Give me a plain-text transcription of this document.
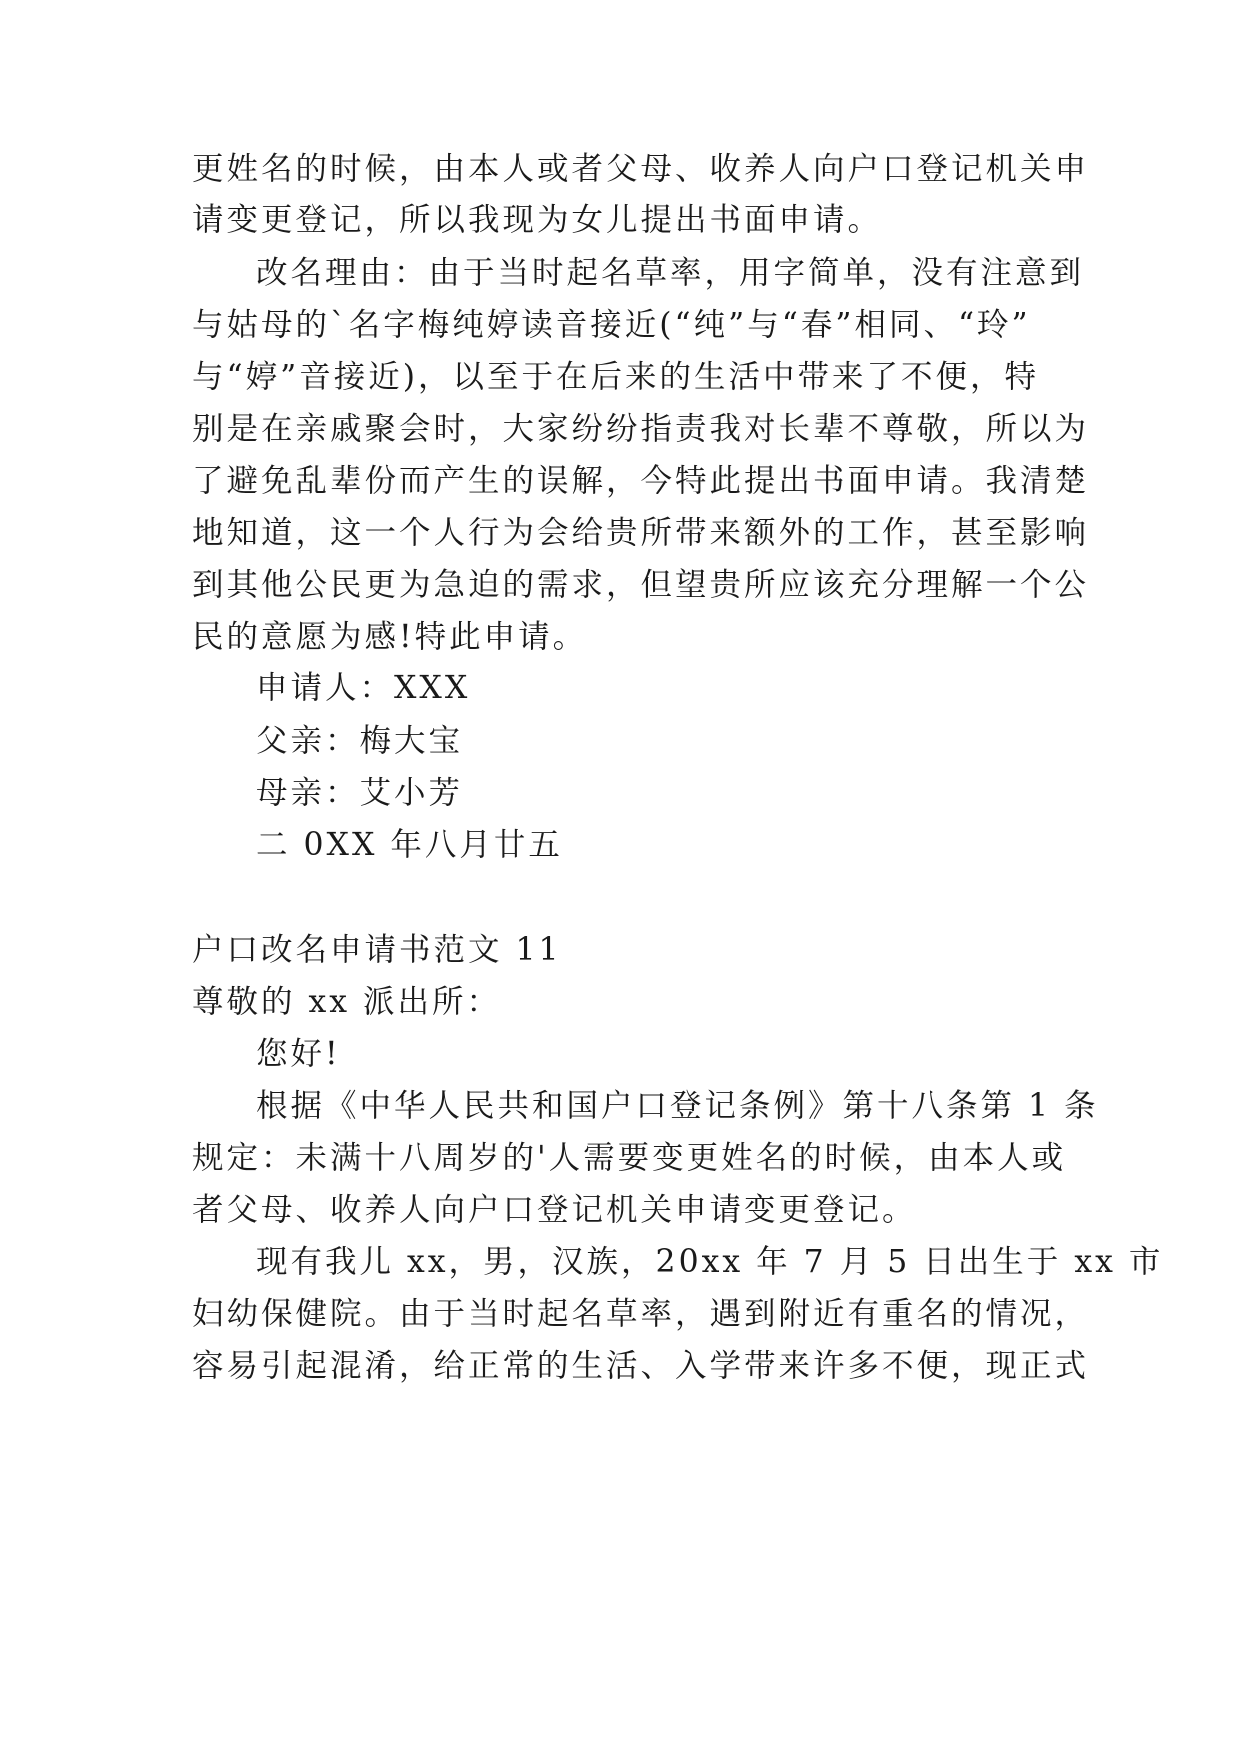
更姓名的时候，由本人或者父母、收养人向户口登记机关申
请变更登记，所以我现为女儿提出书面申请。
改名理由：由于当时起名草率，用字简单，没有注意到
与姑母的`名字梅纯婷读音接近(“纯”与“春”相同、“玲”
与“婷”音接近)，以至于在后来的生活中带来了不便，特
别是在亲戚聚会时，大家纷纷指责我对长辈不尊敬，所以为
了避免乱辈份而产生的误解，今特此提出书面申请。我清楚
地知道，这一个人行为会给贵所带来额外的工作，甚至影响
到其他公民更为急迫的需求，但望贵所应该充分理解一个公
民的意愿为感!特此申请。
申请人：XXX
父亲：梅大宝
母亲：艾小芳
二 0XX 年八月廿五
户口改名申请书范文 11
尊敬的 xx 派出所：
您好!
根据《中华人民共和国户口登记条例》第十八条第 1 条
规定：未满十八周岁的'人需要变更姓名的时候，由本人或
者父母、收养人向户口登记机关申请变更登记。
现有我儿 xx，男，汉族，20xx 年 7 月 5 日出生于 xx 市
妇幼保健院。由于当时起名草率，遇到附近有重名的情况，
容易引起混淆，给正常的生活、入学带来许多不便，现正式
